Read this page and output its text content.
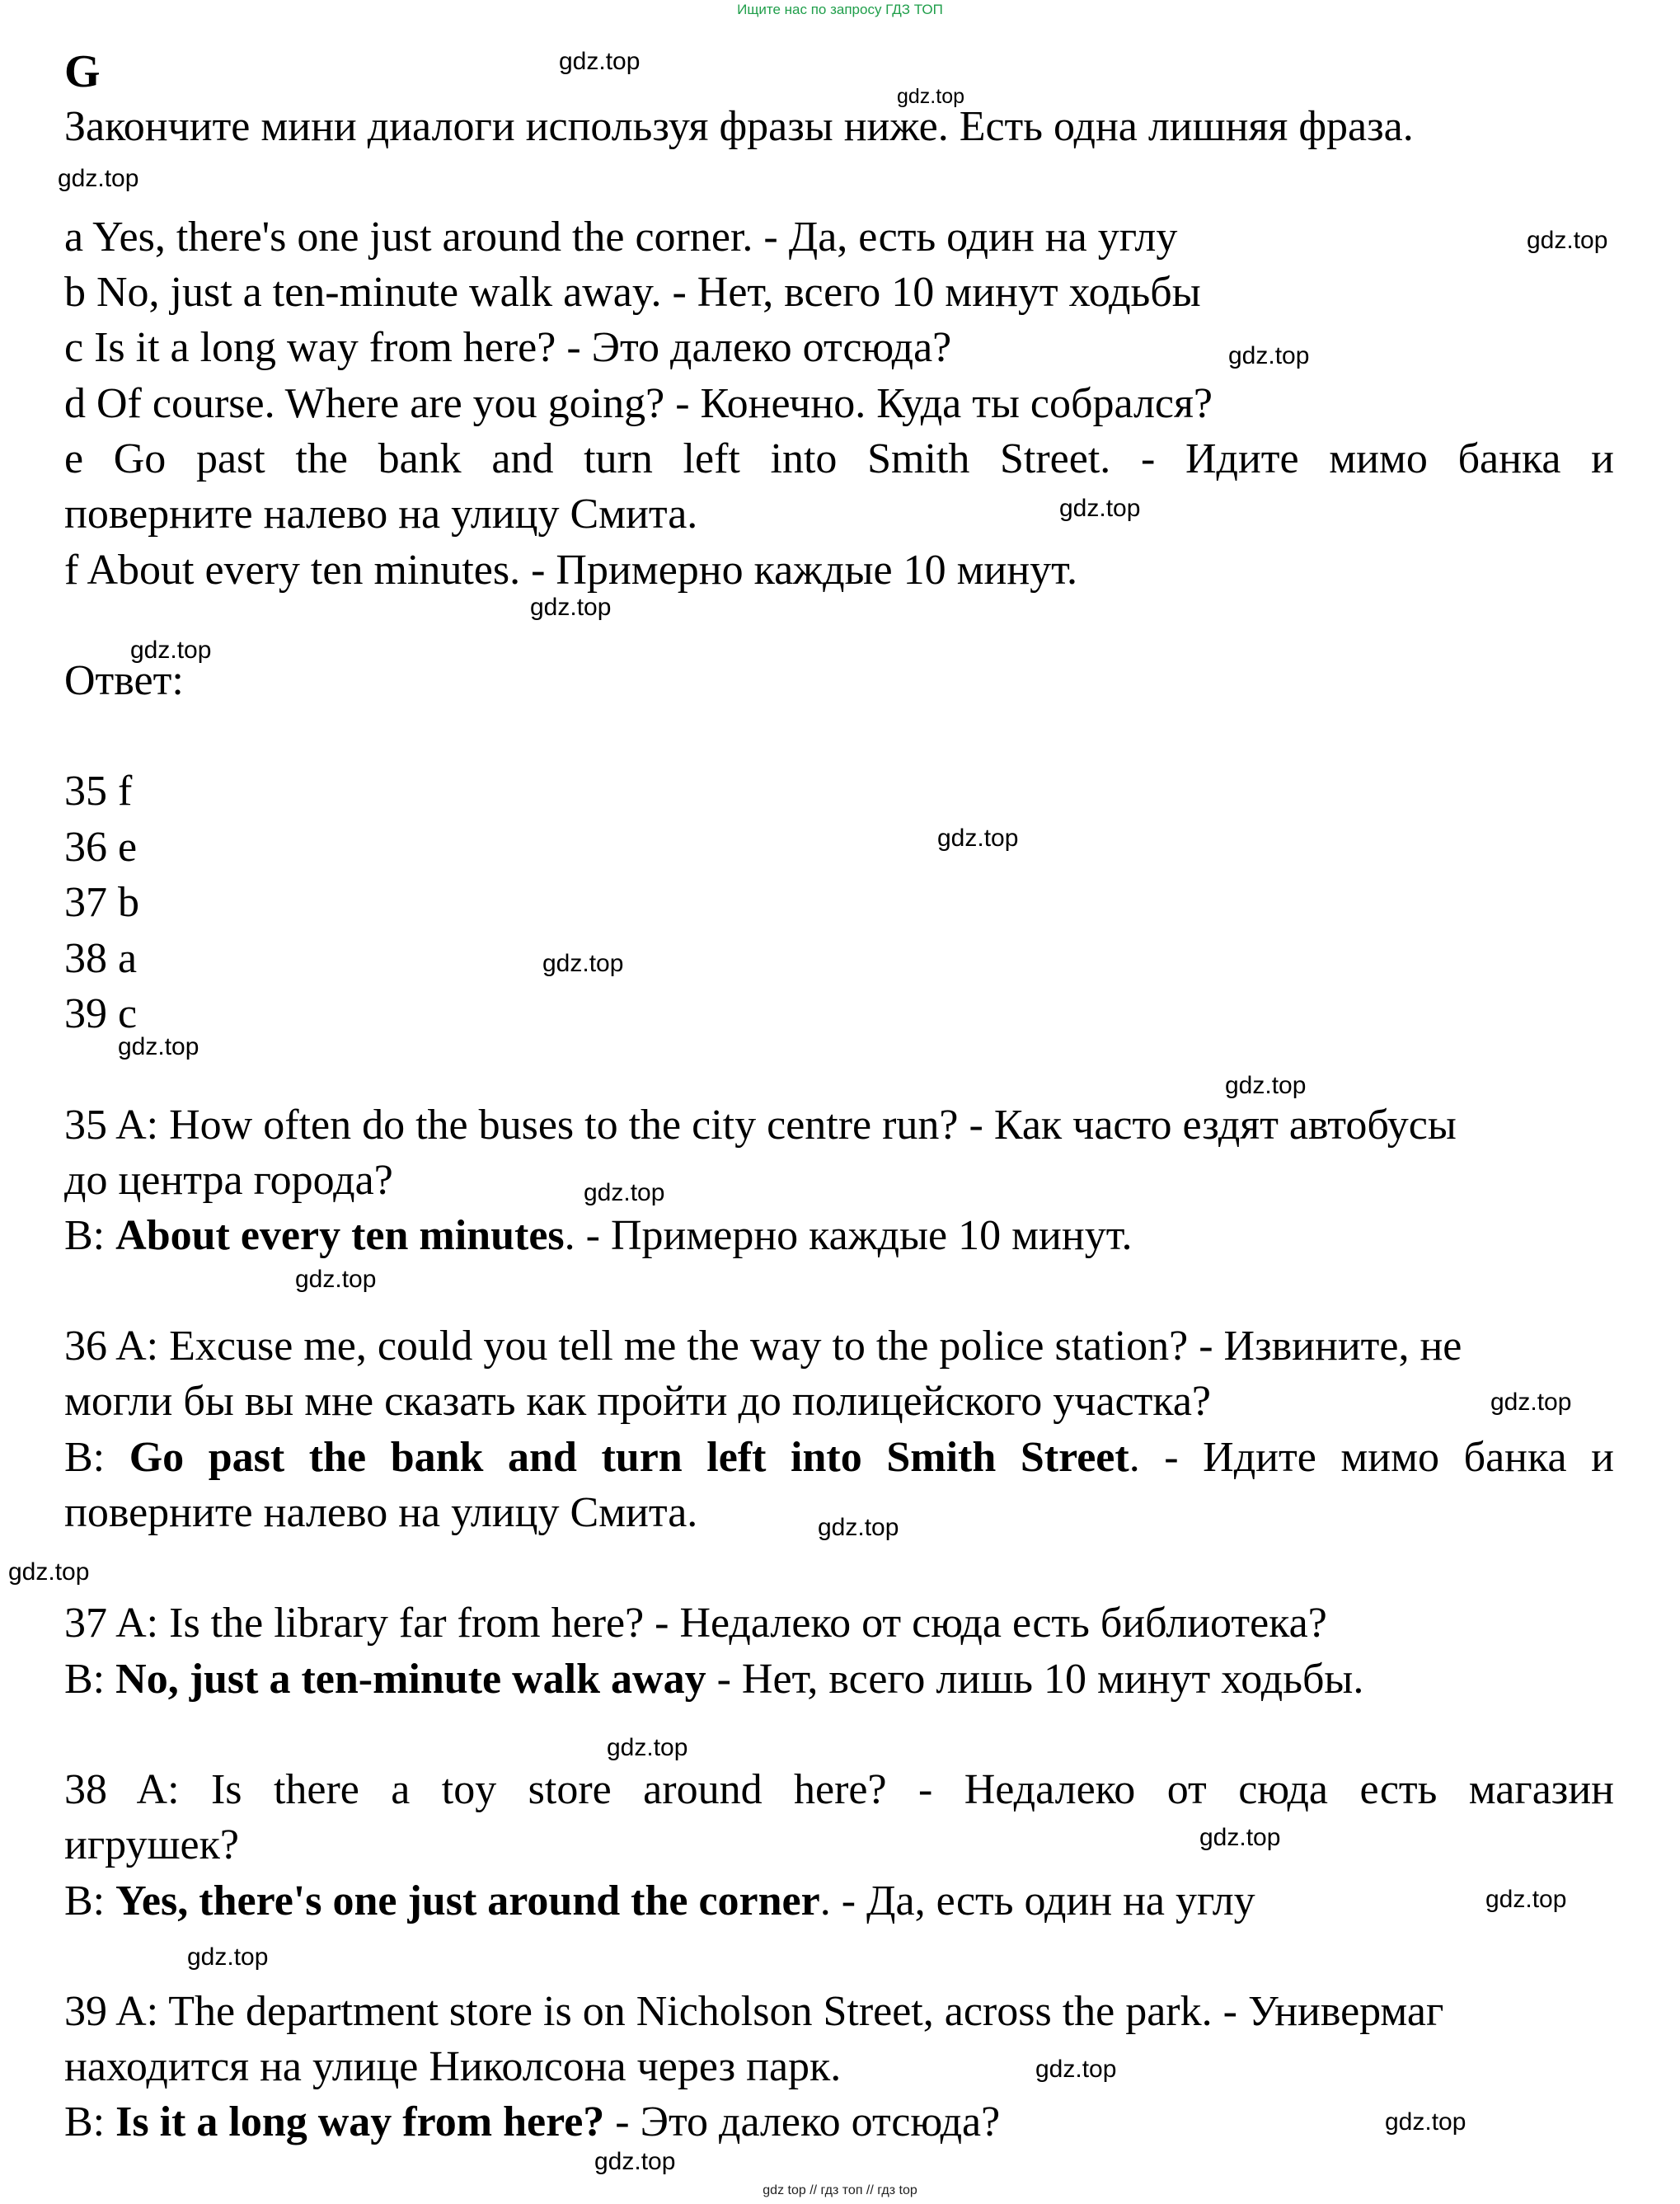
Ищите нас по запросу ГДЗ ТОП
G
Закончите мини диалоги используя фразы ниже. Есть одна лишняя фраза.
a Yes, there's one just around the corner. - Да, есть один на углу
b No, just a ten-minute walk away. - Нет, всего 10 минут ходьбы
c Is it a long way from here? - Это далеко отсюда?
d Of course. Where are you going? - Конечно. Куда ты собрался?
e Go past the bank and turn left into Smith Street. - Идите мимо банка и
поверните налево на улицу Смита.
f About every ten minutes. - Примерно каждые 10 минут.
Ответ:
35 f
36 e
37 b
38 a
39 c
35 A: How often do the buses to the city centre run? - Как часто ездят автобусы
до центра города?
B: About every ten minutes. - Примерно каждые 10 минут.
36 A: Excuse me, could you tell me the way to the police station? - Извините, не
могли бы вы мне сказать как пройти до полицейского участка?
B: Go past the bank and turn left into Smith Street. - Идите мимо банка и
поверните налево на улицу Смита.
37 A: Is the library far from here? - Недалеко от сюда есть библиотека?
B: No, just a ten-minute walk away - Нет, всего лишь 10 минут ходьбы.
38 A: Is there a toy store around here? - Недалеко от сюда есть магазин
игрушек?
B: Yes, there's one just around the corner. - Да, есть один на углу
39 A: The department store is on Nicholson Street, across the park. - Универмаг
находится на улице Николсона через парк.
B: Is it a long way from here? - Это далеко отсюда?
gdz.top
gdz.top
gdz.top
gdz.top
gdz.top
gdz.top
gdz.top
gdz.top
gdz.top
gdz.top
gdz.top
gdz.top
gdz.top
gdz.top
gdz.top
gdz.top
gdz.top
gdz.top
gdz.top
gdz.top
gdz.top
gdz.top
gdz.top
gdz.top
gdz top // гдз топ // гдз top
